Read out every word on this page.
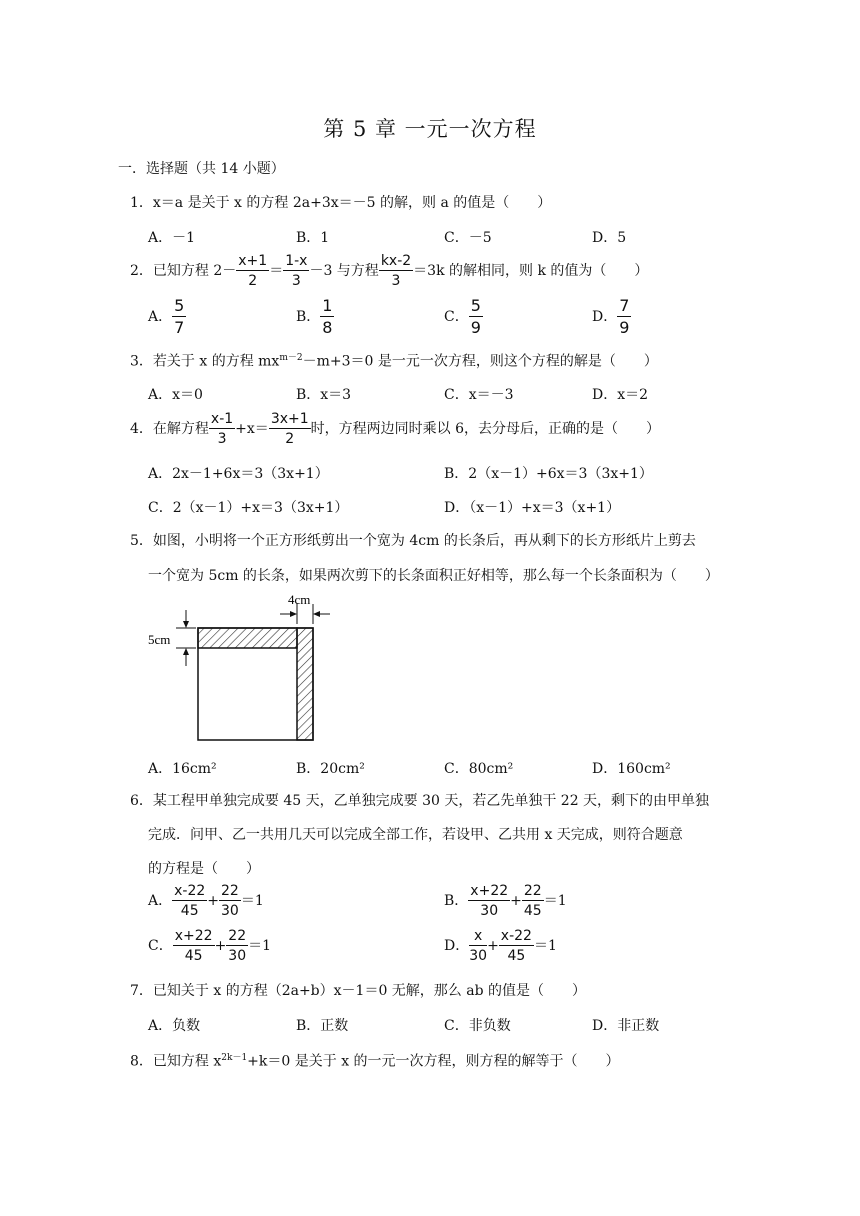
第 5 章 一元一次方程
一．选择题（共 14 小题）
1．x＝a 是关于 x 的方程 2a+3x＝－5 的解，则 a 的值是（　　）
A．－1	B．1	C．－5	D．5
2．已知方程 $2- \frac{x+1}{2} = \frac{1-x}{3} -3$ 与方程 $\frac{kx-2}{3} =3k$ 的解相同，则 k 的值为（　　）
A． $\frac{5}{7}$	B． $\frac{1}{8}$	C． $\frac{5}{9}$	D． $\frac{7}{9}$
3．若关于 x 的方程 $mx^{m-2}-m+3=0$ 是一元一次方程，则这个方程的解是（　　）
A．x＝0	B．x＝3	C．x＝－3	D．x＝2
4．在解方程 $\frac{x-1}{3} +x= \frac{3x+1}{2}$ 时，方程两边同时乘以 6，去分母后，正确的是（　　）
A．2x－1+6x＝3（3x+1）	B．2（x－1）+6x＝3（3x+1）
C．2（x－1）+x＝3（3x+1）	D．（x－1）+x＝3（x+1）
5．如图，小明将一个正方形纸剪出一个宽为 4cm 的长条后，再从剩下的长方形纸片上剪去
一个宽为 5cm 的长条，如果两次剪下的长条面积正好相等，那么每一个长条面积为（　　）
4cm
5cm
A．16cm²	B．20cm²	C．80cm²	D．160cm²
6．某工程甲单独完成要 45 天，乙单独完成要 30 天，若乙先单独干 22 天，剩下的由甲单独
完成．问甲、乙一共用几天可以完成全部工作，若设甲、乙共用 x 天完成，则符合题意
的方程是（　　）
A． $\frac{x-22}{45} + \frac{22}{30} =1$	B． $\frac{x+22}{30} + \frac{22}{45} =1$
C． $\frac{x+22}{45} + \frac{22}{30} =1$	D． $\frac{x}{30} + \frac{x-22}{45} =1$
7．已知关于 x 的方程（2a+b）x－1＝0 无解，那么 ab 的值是（　　）
A．负数	B．正数	C．非负数	D．非正数
8．已知方程 $x^{2k-1}+k=0$ 是关于 x 的一元一次方程，则方程的解等于（　　）
